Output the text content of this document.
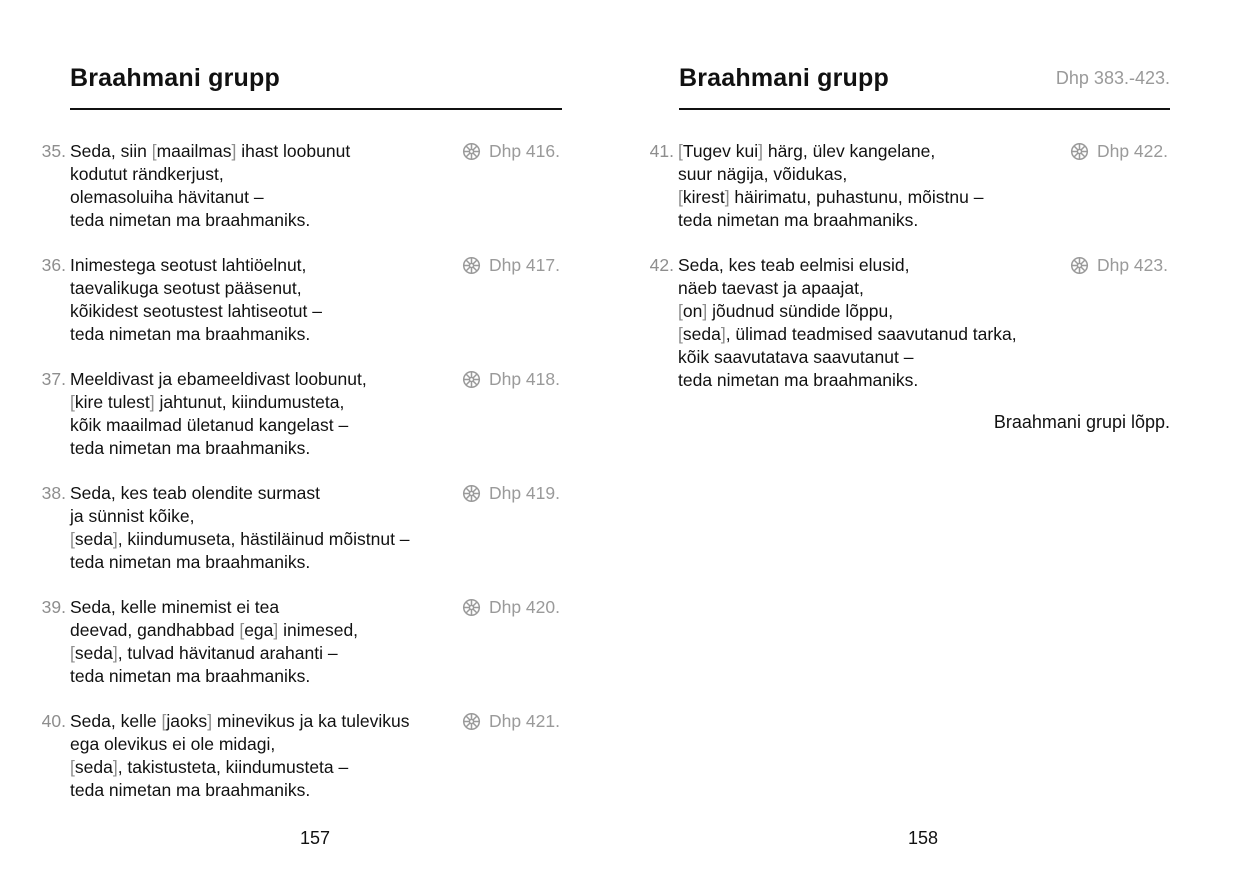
Braahmani grupp
35. Seda, siin [maailmas] ihast loobunut
kodutut rändkerjust,
olemasoluiha hävitanut –
teda nimetan ma braahmaniks.
Dhp 416.
36. Inimestega seotust lahtiöelnut,
taevalikuga seotust pääsenut,
kõikidest seotustest lahtiseotut –
teda nimetan ma braahmaniks.
Dhp 417.
37. Meeldivast ja ebameeldivast loobunut,
[kire tulest] jahtunut, kiindumusteta,
kõik maailmad ületanud kangelast –
teda nimetan ma braahmaniks.
Dhp 418.
38. Seda, kes teab olendite surmast
ja sünnist kõike,
[seda], kiindumuseta, hästiläinud mõistnut –
teda nimetan ma braahmaniks.
Dhp 419.
39. Seda, kelle minemist ei tea
deevad, gandhabbad [ega] inimesed,
[seda], tulvad hävitanud arahanti –
teda nimetan ma braahmaniks.
Dhp 420.
40. Seda, kelle [jaoks] minevikus ja ka tulevikus
ega olevikus ei ole midagi,
[seda], takistusteta, kiindumusteta –
teda nimetan ma braahmaniks.
Dhp 421.
157
Braahmani grupp	Dhp 383.-423.
41. [Tugev kui] härg, ülev kangelane,
suur nägija, võidukas,
[kirest] häirimatu, puhastunu, mõistnu –
teda nimetan ma braahmaniks.
Dhp 422.
42. Seda, kes teab eelmisi elusid,
näeb taevast ja apaajat,
[on] jõudnud sündide lõppu,
[seda], ülimad teadmised saavutanud tarka,
kõik saavutatava saavutanut –
teda nimetan ma braahmaniks.
Dhp 423.
Braahmani grupi lõpp.
158
